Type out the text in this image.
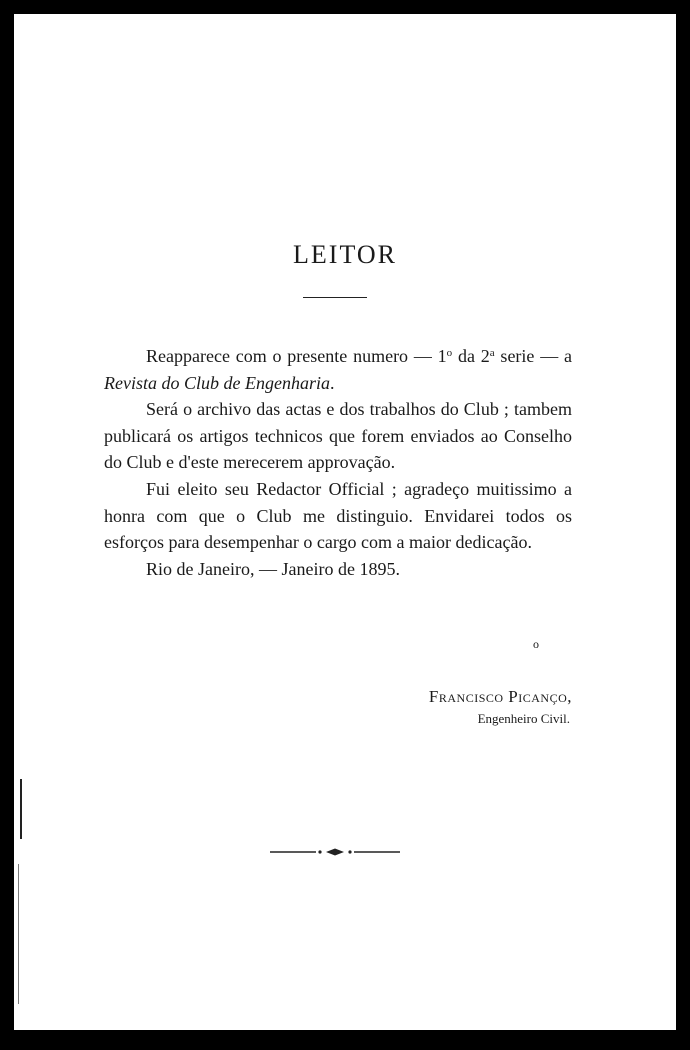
LEITOR

Reapparece com o presente numero — 1$^o$ da 2$^a$ serie — a Revista do Club de Engenharia.

Será o archivo das actas e dos trabalhos do Club ; tambem publicará os artigos technicos que forem enviados ao Conselho do Club e d'este merecerem approvação.

Fui eleito seu Redactor Official ; agradeço muitissimo a honra com que o Club me distinguio. Envidarei todos os esforços para desempenhar o cargo com a maior dedicação.

Rio de Janeiro, — Janeiro de 1895.

o
Francisco Picanço,
Engenheiro Civil.
